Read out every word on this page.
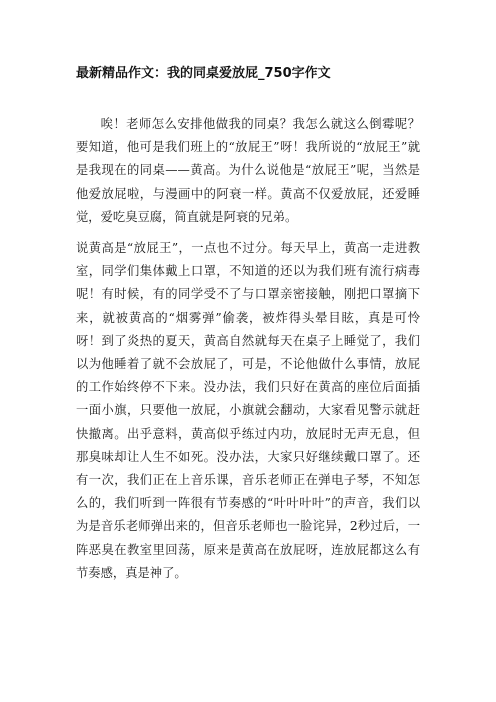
最新精品作文：我的同桌爱放屁_750字作文

唉！老师怎么安排他做我的同桌？我怎么就这么倒霉呢？要知道，他可是我们班上的“放屁王”呀！我所说的“放屁王”就是我现在的同桌——黄高。为什么说他是“放屁王”呢，当然是他爱放屁啦，与漫画中的阿衰一样。黄高不仅爱放屁，还爱睡觉，爱吃臭豆腐，简直就是阿衰的兄弟。

说黄高是“放屁王”，一点也不过分。每天早上，黄高一走进教室，同学们集体戴上口罩，不知道的还以为我们班有流行病毒呢！有时候，有的同学受不了与口罩亲密接触，刚把口罩摘下来，就被黄高的“烟雾弹”偷袭，被炸得头晕目眩，真是可怜呀！到了炎热的夏天，黄高自然就每天在桌子上睡觉了，我们以为他睡着了就不会放屁了，可是，不论他做什么事情，放屁的工作始终停不下来。没办法，我们只好在黄高的座位后面插一面小旗，只要他一放屁，小旗就会翻动，大家看见警示就赶快撤离。出乎意料，黄高似乎练过内功，放屁时无声无息，但那臭味却让人生不如死。没办法，大家只好继续戴口罩了。还有一次，我们正在上音乐课，音乐老师正在弹电子琴，不知怎么的，我们听到一阵很有节奏感的“叶叶叶叶”的声音，我们以为是音乐老师弹出来的，但音乐老师也一脸诧异，2秒过后，一阵恶臭在教室里回荡，原来是黄高在放屁呀，连放屁都这么有节奏感，真是神了。
